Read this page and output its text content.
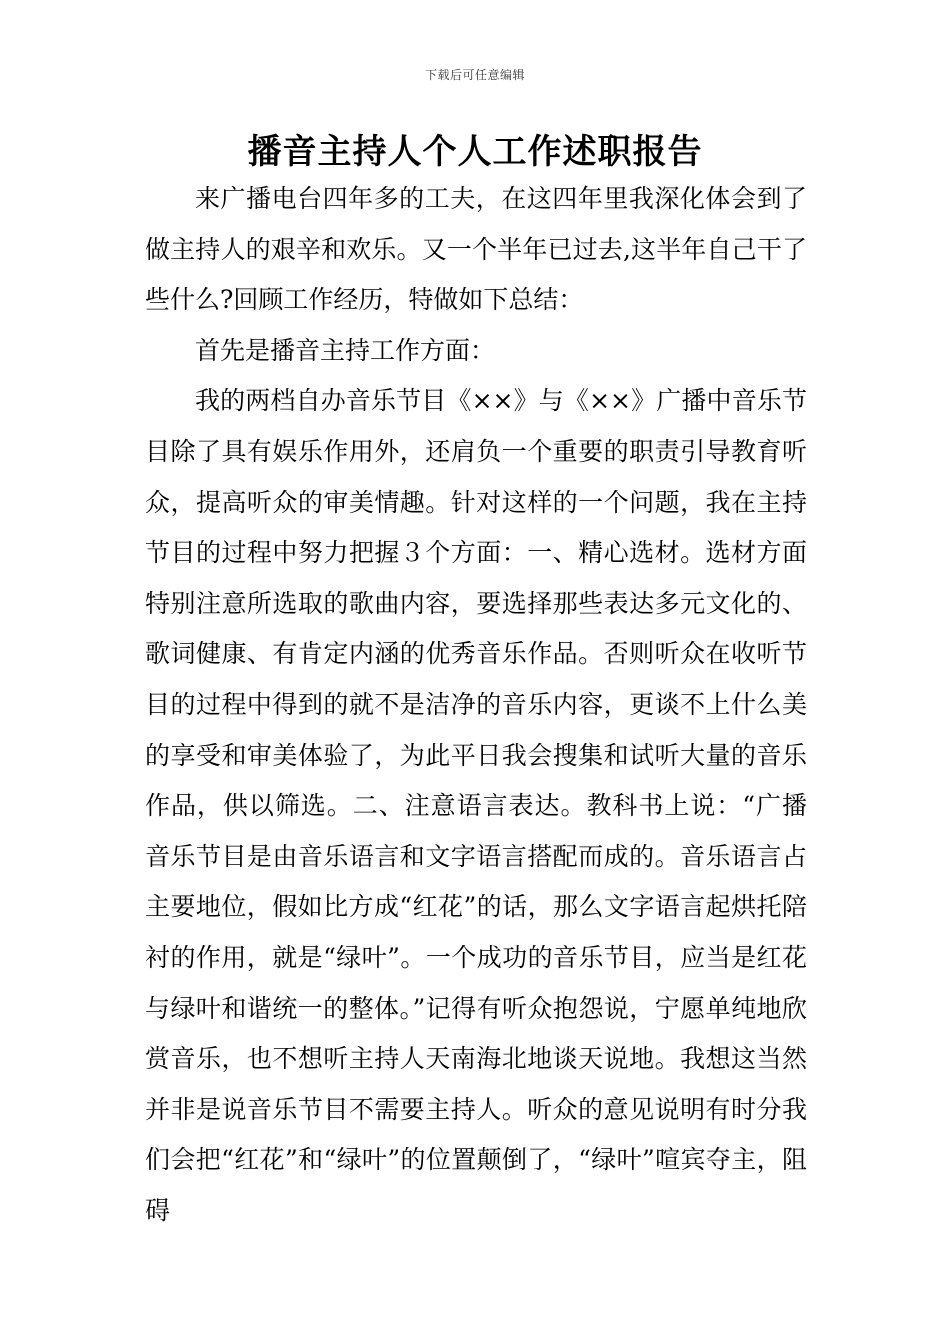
下载后可任意编辑
播音主持人个人工作述职报告

来广播电台四年多的工夫，在这四年里我深化体会到了做主持人的艰辛和欢乐。又一个半年已过去,这半年自己干了些什么?回顾工作经历，特做如下总结：

首先是播音主持工作方面：

我的两档自办音乐节目《××》与《××》广播中音乐节目除了具有娱乐作用外，还肩负一个重要的职责引导教育听众，提高听众的审美情趣。针对这样的一个问题，我在主持节目的过程中努力把握３个方面：一、精心选材。选材方面特别注意所选取的歌曲内容，要选择那些表达多元文化的、歌词健康、有肯定内涵的优秀音乐作品。否则听众在收听节目的过程中得到的就不是洁净的音乐内容，更谈不上什么美的享受和审美体验了，为此平日我会搜集和试听大量的音乐作品，供以筛选。二、注意语言表达。教科书上说：“广播音乐节目是由音乐语言和文字语言搭配而成的。音乐语言占主要地位，假如比方成“红花”的话，那么文字语言起烘托陪衬的作用，就是“绿叶”。一个成功的音乐节目，应当是红花与绿叶和谐统一的整体。”记得有听众抱怨说，宁愿单纯地欣赏音乐，也不想听主持人天南海北地谈天说地。我想这当然并非是说音乐节目不需要主持人。听众的意见说明有时分我们会把“红花”和“绿叶”的位置颠倒了，“绿叶”喧宾夺主，阻碍
